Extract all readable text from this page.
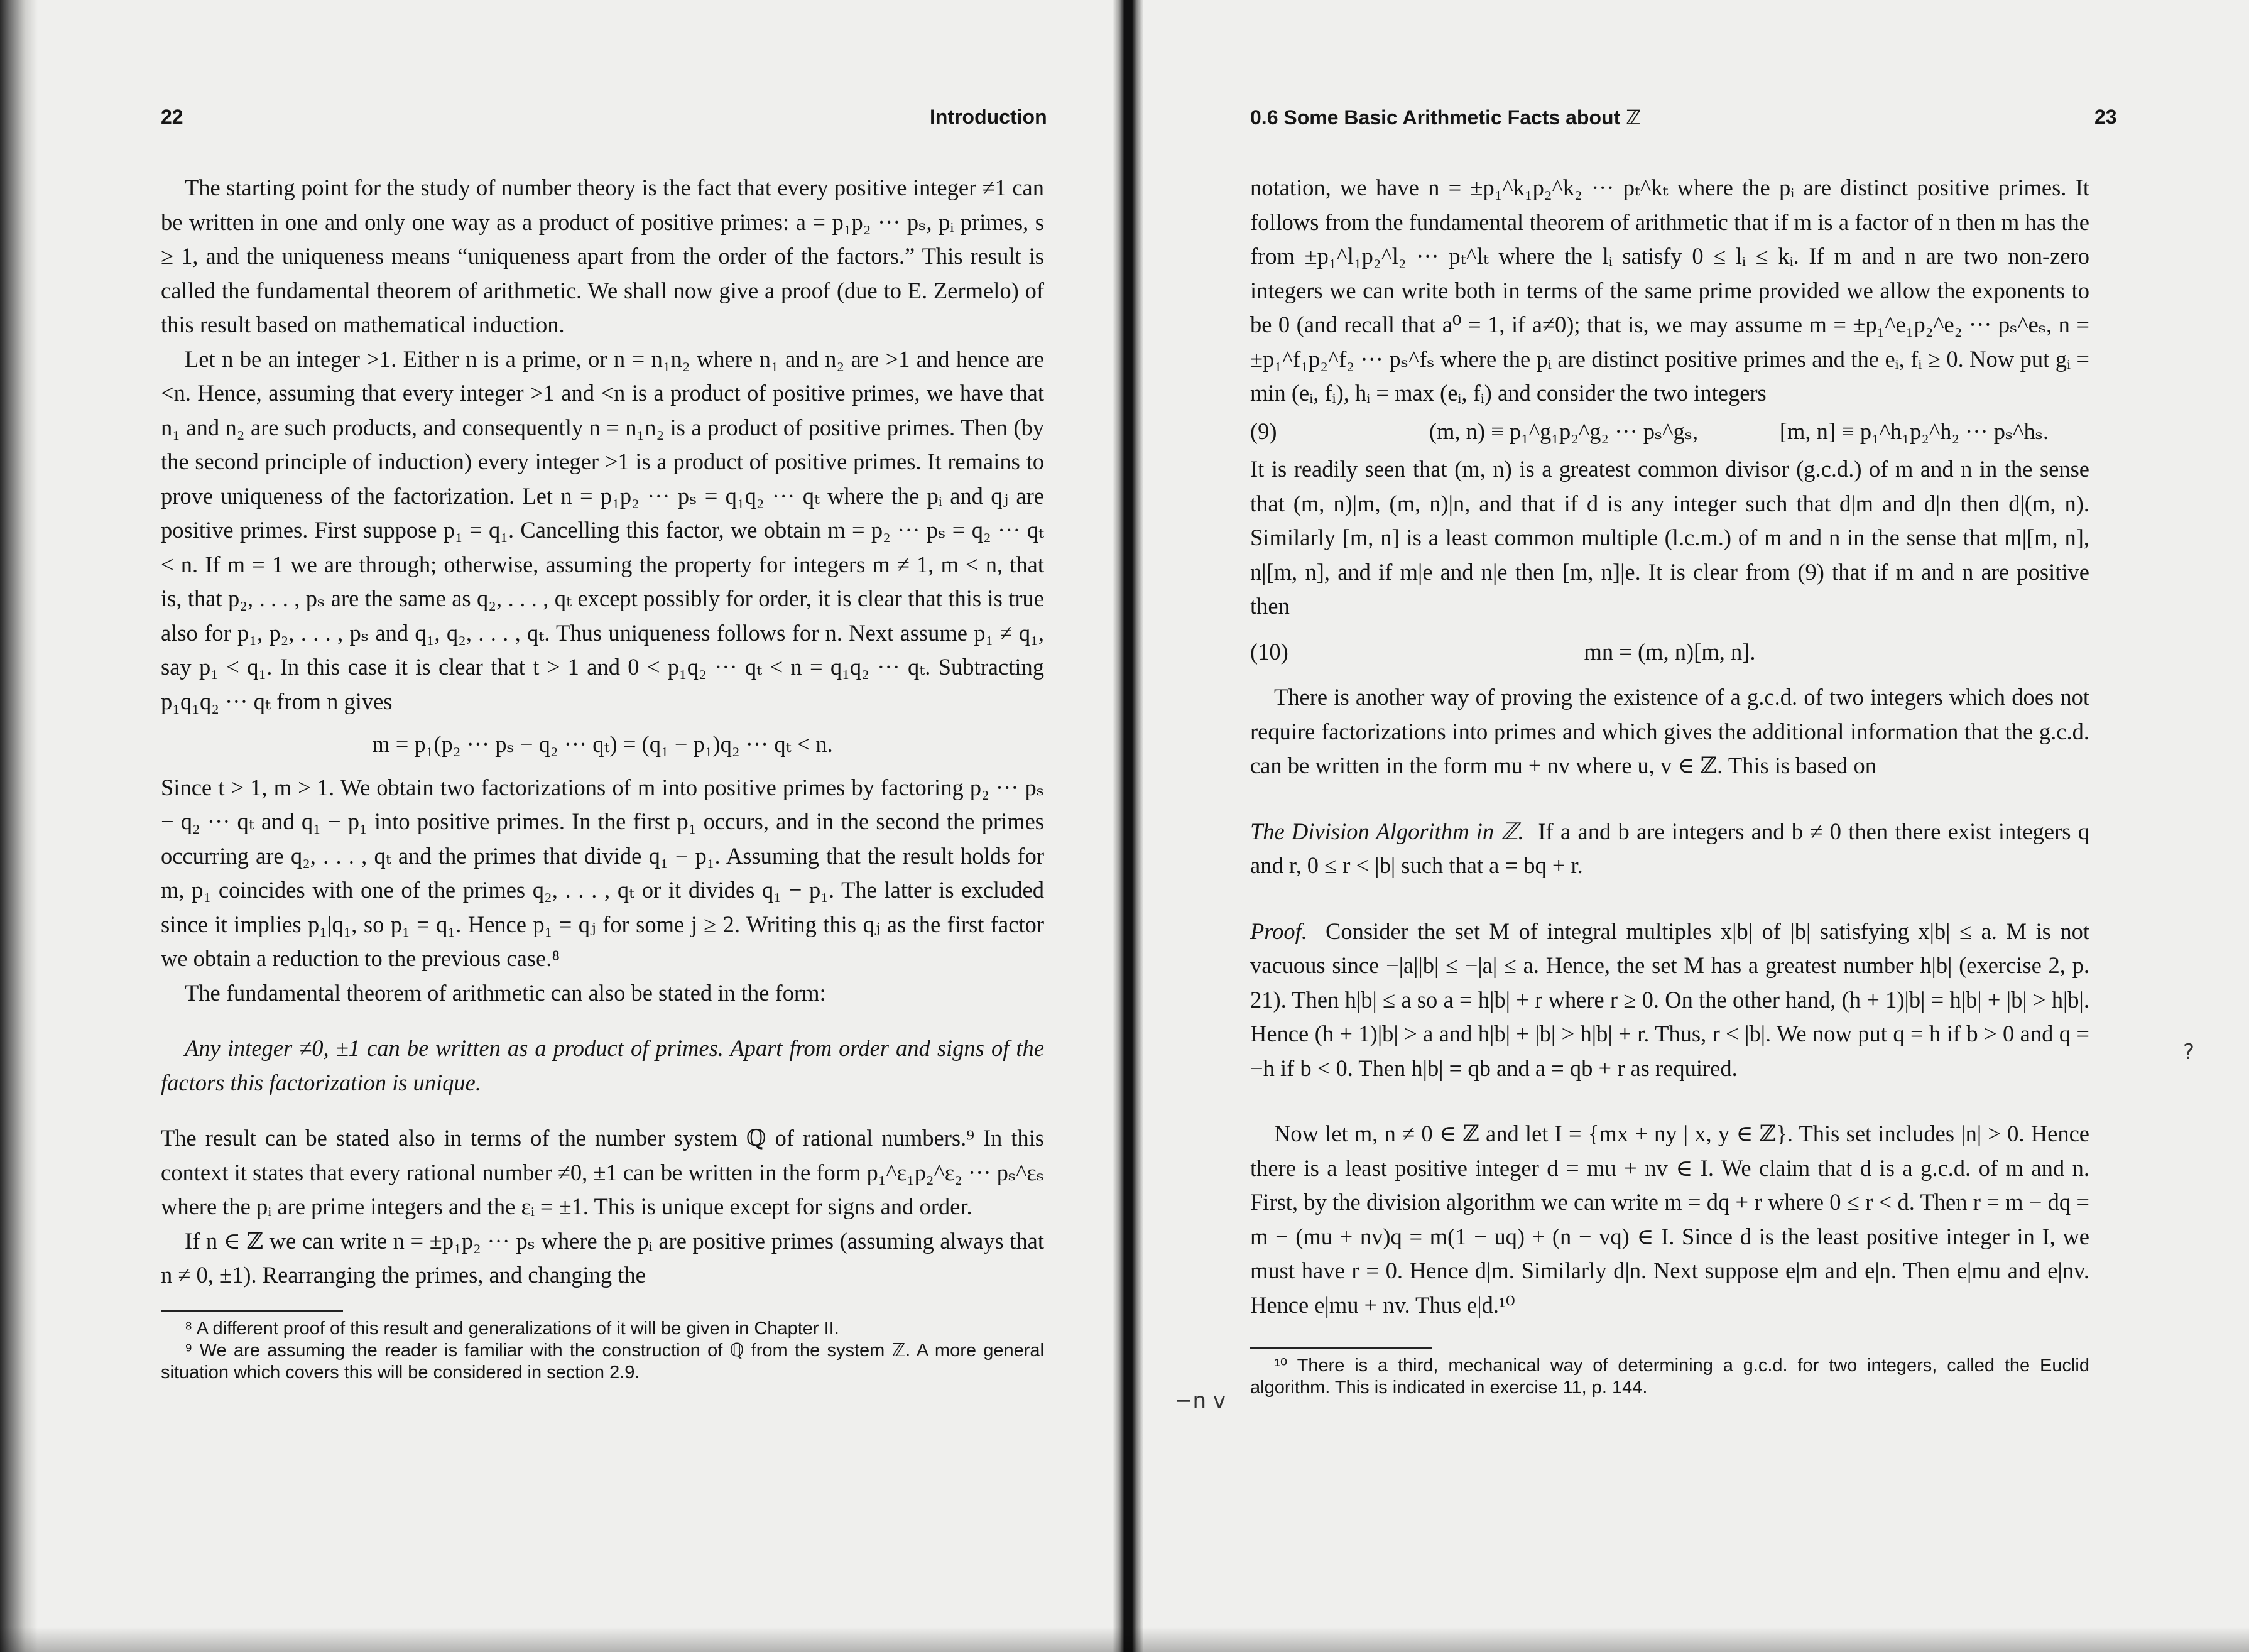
22	Introduction

The starting point for the study of number theory is the fact that every positive integer ≠1 can be written in one and only one way as a product of positive primes: a = p₁p₂ ··· pₛ, pᵢ primes, s ≥ 1, and the uniqueness means “uniqueness apart from the order of the factors.” This result is called the fundamental theorem of arithmetic. We shall now give a proof (due to E. Zermelo) of this result based on mathematical induction.

Let n be an integer >1. Either n is a prime, or n = n₁n₂ where n₁ and n₂ are >1 and hence are <n. Hence, assuming that every integer >1 and <n is a product of positive primes, we have that n₁ and n₂ are such products, and consequently n = n₁n₂ is a product of positive primes. Then (by the second principle of induction) every integer >1 is a product of positive primes. It remains to prove uniqueness of the factorization. Let n = p₁p₂ ··· pₛ = q₁q₂ ··· qₜ where the pᵢ and qⱼ are positive primes. First suppose p₁ = q₁. Cancelling this factor, we obtain m = p₂ ··· pₛ = q₂ ··· qₜ < n. If m = 1 we are through; otherwise, assuming the property for integers m ≠ 1, m < n, that is, that p₂, . . . , pₛ are the same as q₂, . . . , qₜ except possibly for order, it is clear that this is true also for p₁, p₂, . . . , pₛ and q₁, q₂, . . . , qₜ. Thus uniqueness follows for n. Next assume p₁ ≠ q₁, say p₁ < q₁. In this case it is clear that t > 1 and 0 < p₁q₂ ··· qₜ < n = q₁q₂ ··· qₜ. Subtracting p₁q₁q₂ ··· qₜ from n gives

m = p₁(p₂ ··· pₛ − q₂ ··· qₜ) = (q₁ − p₁)q₂ ··· qₜ < n.

Since t > 1, m > 1. We obtain two factorizations of m into positive primes by factoring p₂ ··· pₛ − q₂ ··· qₜ and q₁ − p₁ into positive primes. In the first p₁ occurs, and in the second the primes occurring are q₂, . . . , qₜ and the primes that divide q₁ − p₁. Assuming that the result holds for m, p₁ coincides with one of the primes q₂, . . . , qₜ or it divides q₁ − p₁. The latter is excluded since it implies p₁|q₁, so p₁ = q₁. Hence p₁ = qⱼ for some j ≥ 2. Writing this qⱼ as the first factor we obtain a reduction to the previous case.⁸

The fundamental theorem of arithmetic can also be stated in the form:

Any integer ≠0, ±1 can be written as a product of primes. Apart from order and signs of the factors this factorization is unique.

The result can be stated also in terms of the number system ℚ of rational numbers.⁹ In this context it states that every rational number ≠0, ±1 can be written in the form p₁^ε₁p₂^ε₂ ··· pₛ^εₛ where the pᵢ are prime integers and the εᵢ = ±1. This is unique except for signs and order.

If n ∈ ℤ we can write n = ±p₁p₂ ··· pₛ where the pᵢ are positive primes (assuming always that n ≠ 0, ±1). Rearranging the primes, and changing the

⁸ A different proof of this result and generalizations of it will be given in Chapter II.

⁹ We are assuming the reader is familiar with the construction of ℚ from the system ℤ. A more general situation which covers this will be considered in section 2.9.

0.6 Some Basic Arithmetic Facts about ℤ	23

notation, we have n = ±p₁^k₁p₂^k₂ ··· pₜ^kₜ where the pᵢ are distinct positive primes. It follows from the fundamental theorem of arithmetic that if m is a factor of n then m has the from ±p₁^l₁p₂^l₂ ··· pₜ^lₜ where the lᵢ satisfy 0 ≤ lᵢ ≤ kᵢ. If m and n are two non-zero integers we can write both in terms of the same prime provided we allow the exponents to be 0 (and recall that a⁰ = 1, if a≠0); that is, we may assume m = ±p₁^e₁p₂^e₂ ··· pₛ^eₛ, n = ±p₁^f₁p₂^f₂ ··· pₛ^fₛ where the pᵢ are distinct positive primes and the eᵢ, fᵢ ≥ 0. Now put gᵢ = min (eᵢ, fᵢ), hᵢ = max (eᵢ, fᵢ) and consider the two integers

(9)	(m, n) ≡ p₁^g₁p₂^g₂ ··· pₛ^gₛ,	[m, n] ≡ p₁^h₁p₂^h₂ ··· pₛ^hₛ.

It is readily seen that (m, n) is a greatest common divisor (g.c.d.) of m and n in the sense that (m, n)|m, (m, n)|n, and that if d is any integer such that d|m and d|n then d|(m, n). Similarly [m, n] is a least common multiple (l.c.m.) of m and n in the sense that m|[m, n], n|[m, n], and if m|e and n|e then [m, n]|e. It is clear from (9) that if m and n are positive then

(10)	mn = (m, n)[m, n].

There is another way of proving the existence of a g.c.d. of two integers which does not require factorizations into primes and which gives the additional information that the g.c.d. can be written in the form mu + nv where u, v ∈ ℤ. This is based on

The Division Algorithm in ℤ. If a and b are integers and b ≠ 0 then there exist integers q and r, 0 ≤ r < |b| such that a = bq + r.

Proof. Consider the set M of integral multiples x|b| of |b| satisfying x|b| ≤ a. M is not vacuous since −|a||b| ≤ −|a| ≤ a. Hence, the set M has a greatest number h|b| (exercise 2, p. 21). Then h|b| ≤ a so a = h|b| + r where r ≥ 0. On the other hand, (h + 1)|b| = h|b| + |b| > h|b|. Hence (h + 1)|b| > a and h|b| + |b| > h|b| + r. Thus, r < |b|. We now put q = h if b > 0 and q = −h if b < 0. Then h|b| = qb and a = qb + r as required.

Now let m, n ≠ 0 ∈ ℤ and let I = {mx + ny | x, y ∈ ℤ}. This set includes |n| > 0. Hence there is a least positive integer d = mu + nv ∈ I. We claim that d is a g.c.d. of m and n. First, by the division algorithm we can write m = dq + r where 0 ≤ r < d. Then r = m − dq = m − (mu + nv)q = m(1 − uq) + (n − vq) ∈ I. Since d is the least positive integer in I, we must have r = 0. Hence d|m. Similarly d|n. Next suppose e|m and e|n. Then e|mu and e|nv. Hence e|mu + nv. Thus e|d.¹⁰

¹⁰ There is a third, mechanical way of determining a g.c.d. for two integers, called the Euclid algorithm. This is indicated in exercise 11, p. 144.

?
−n v
